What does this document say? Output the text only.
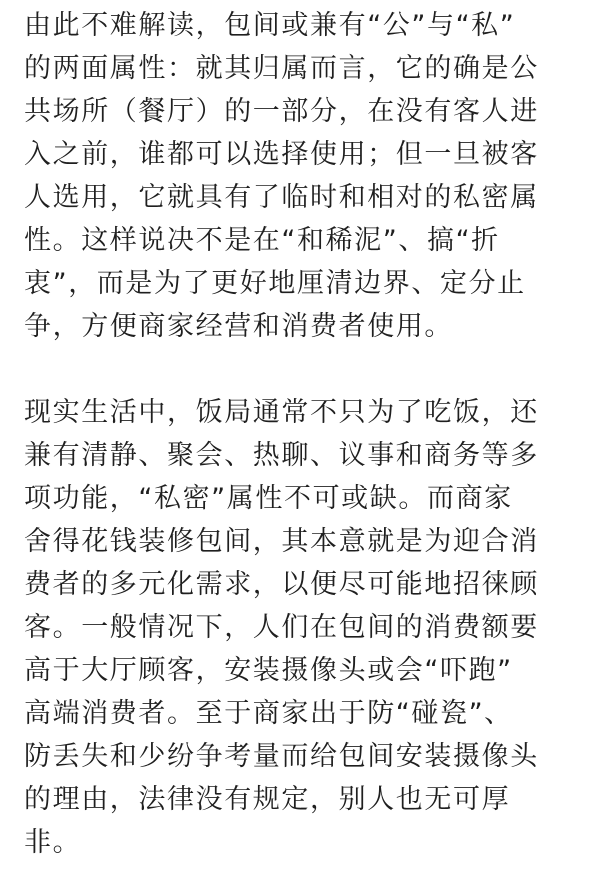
由此不难解读，包间或兼有“公”与“私”
的两面属性：就其归属而言，它的确是公
共场所（餐厅）的一部分，在没有客人进
入之前，谁都可以选择使用；但一旦被客
人选用，它就具有了临时和相对的私密属
性。这样说决不是在“和稀泥”、搞“折
衷”，而是为了更好地厘清边界、定分止
争，方便商家经营和消费者使用。
现实生活中，饭局通常不只为了吃饭，还
兼有清静、聚会、热聊、议事和商务等多
项功能，“私密”属性不可或缺。而商家
舍得花钱装修包间，其本意就是为迎合消
费者的多元化需求，以便尽可能地招徕顾
客。一般情况下，人们在包间的消费额要
高于大厅顾客，安装摄像头或会“吓跑”
高端消费者。至于商家出于防“碰瓷”、
防丢失和少纷争考量而给包间安装摄像头
的理由，法律没有规定，别人也无可厚
非。
